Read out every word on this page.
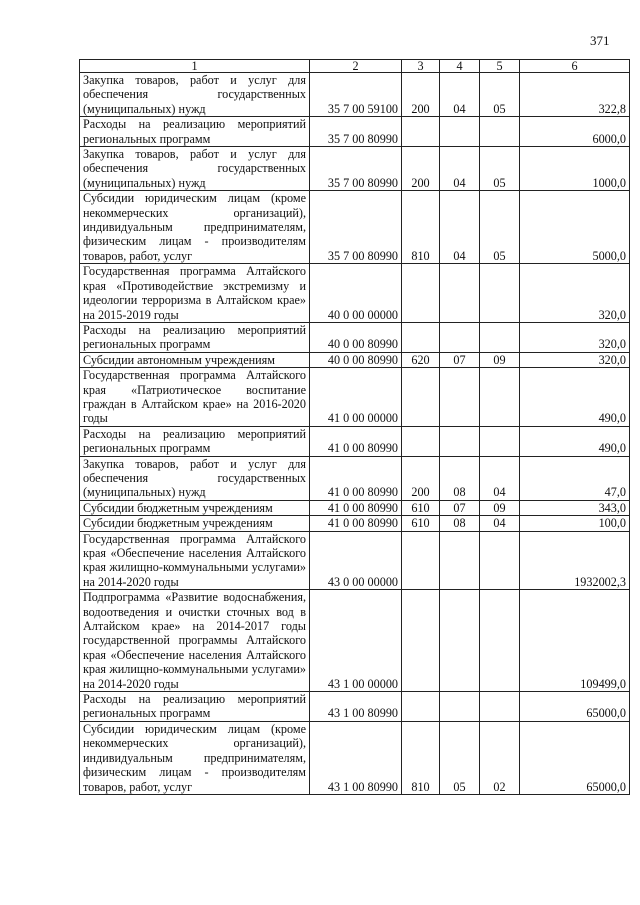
371
1	2	3	4	5	6
Закупка товаров, работ и услуг для обеспечения государственных (муниципальных) нужд	35 7 00 59100	200	04	05	322,8
Расходы на реализацию мероприятий региональных программ	35 7 00 80990				6000,0
Закупка товаров, работ и услуг для обеспечения государственных (муниципальных) нужд	35 7 00 80990	200	04	05	1000,0
Субсидии юридическим лицам (кроме некоммерческих организаций), индивидуальным предпринимателям, физическим лицам - производителям товаров, работ, услуг	35 7 00 80990	810	04	05	5000,0
Государственная программа Алтайского края «Противодействие экстремизму и идеологии терроризма в Алтайском крае» на 2015-2019 годы	40 0 00 00000				320,0
Расходы на реализацию мероприятий региональных программ	40 0 00 80990				320,0
Субсидии автономным учреждениям	40 0 00 80990	620	07	09	320,0
Государственная программа Алтайского края «Патриотическое воспитание граждан в Алтайском крае» на 2016-2020 годы	41 0 00 00000				490,0
Расходы на реализацию мероприятий региональных программ	41 0 00 80990				490,0
Закупка товаров, работ и услуг для обеспечения государственных (муниципальных) нужд	41 0 00 80990	200	08	04	47,0
Субсидии бюджетным учреждениям	41 0 00 80990	610	07	09	343,0
Субсидии бюджетным учреждениям	41 0 00 80990	610	08	04	100,0
Государственная программа Алтайского края «Обеспечение населения Алтайского края жилищно-коммунальными услугами» на 2014-2020 годы	43 0 00 00000				1932002,3
Подпрограмма «Развитие водоснабжения, водоотведения и очистки сточных вод в Алтайском крае» на 2014-2017 годы государственной программы Алтайского края «Обеспечение населения Алтайского края жилищно-коммунальными услугами» на 2014-2020 годы	43 1 00 00000				109499,0
Расходы на реализацию мероприятий региональных программ	43 1 00 80990				65000,0
Субсидии юридическим лицам (кроме некоммерческих организаций), индивидуальным предпринимателям, физическим лицам - производителям товаров, работ, услуг	43 1 00 80990	810	05	02	65000,0
